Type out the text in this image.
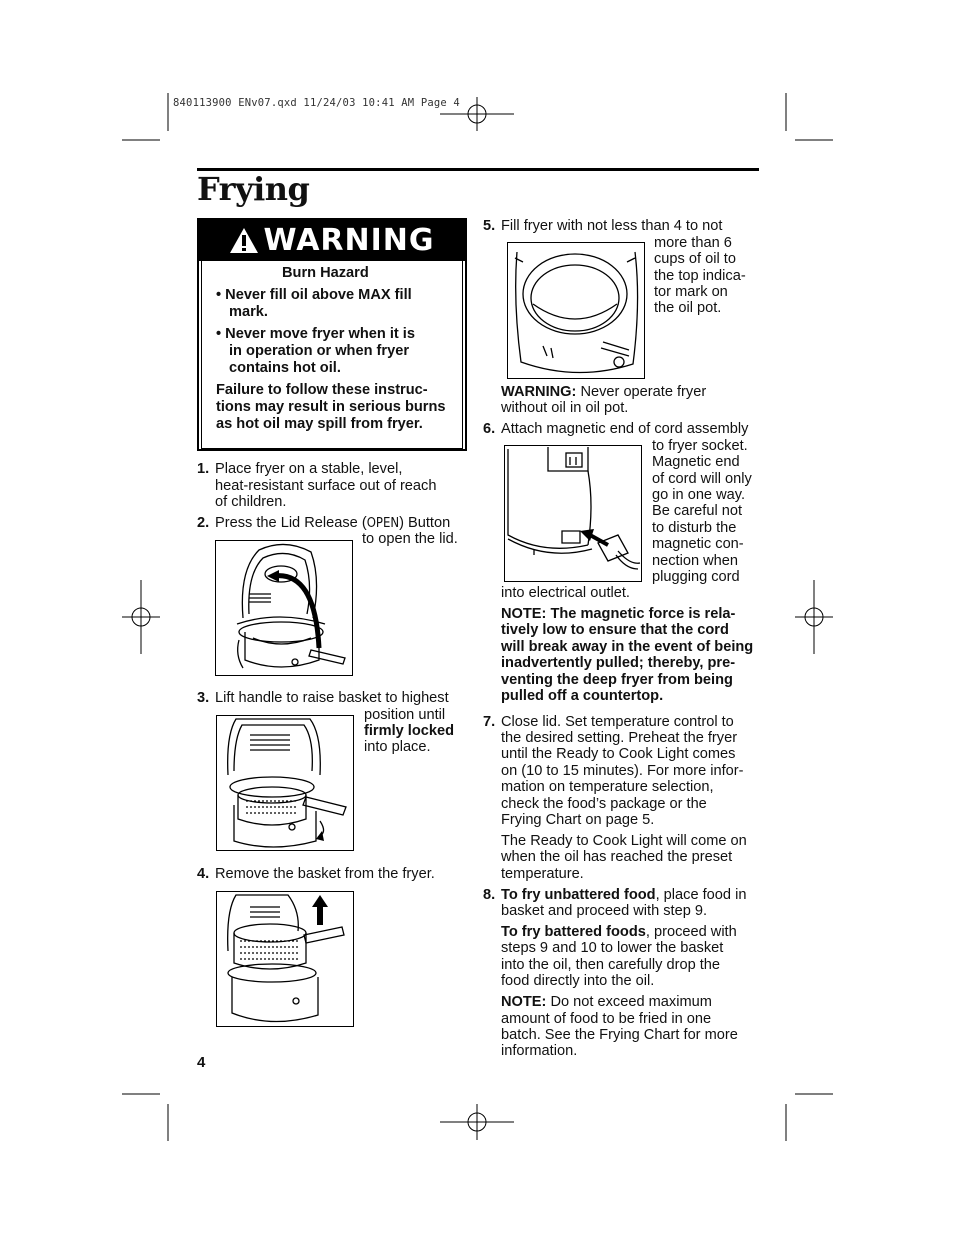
840113900 ENv07.qxd 11/24/03 10:41 AM Page 4
Frying
WARNING
Burn Hazard
• Never fill oil above MAX fill
mark.
• Never move fryer when it is
in operation or when fryer
contains hot oil.
Failure to follow these instruc-
tions may result in serious burns
as hot oil may spill from fryer.
1. Place fryer on a stable, level,
heat-resistant surface out of reach
of children.
2. Press the Lid Release (OPEN) Button
to open the lid.
3. Lift handle to raise basket to highest
position until
firmly locked
into place.
4. Remove the basket from the fryer.
4
5. Fill fryer with not less than 4 to not
more than 6
cups of oil to
the top indica-
tor mark on
the oil pot.
WARNING: Never operate fryer
without oil in oil pot.
6. Attach magnetic end of cord assembly
to fryer socket.
Magnetic end
of cord will only
go in one way.
Be careful not
to disturb the
magnetic con-
nection when
plugging cord
into electrical outlet.
NOTE: The magnetic force is rela-
tively low to ensure that the cord
will break away in the event of being
inadvertently pulled; thereby, pre-
venting the deep fryer from being
pulled off a countertop.
7. Close lid. Set temperature control to
the desired setting. Preheat the fryer
until the Ready to Cook Light comes
on (10 to 15 minutes). For more infor-
mation on temperature selection,
check the food’s package or the
Frying Chart on page 5.
The Ready to Cook Light will come on
when the oil has reached the preset
temperature.
8. To fry unbattered food, place food in
basket and proceed with step 9.
To fry battered foods, proceed with
steps 9 and 10 to lower the basket
into the oil, then carefully drop the
food directly into the oil.
NOTE: Do not exceed maximum
amount of food to be fried in one
batch. See the Frying Chart for more
information.
